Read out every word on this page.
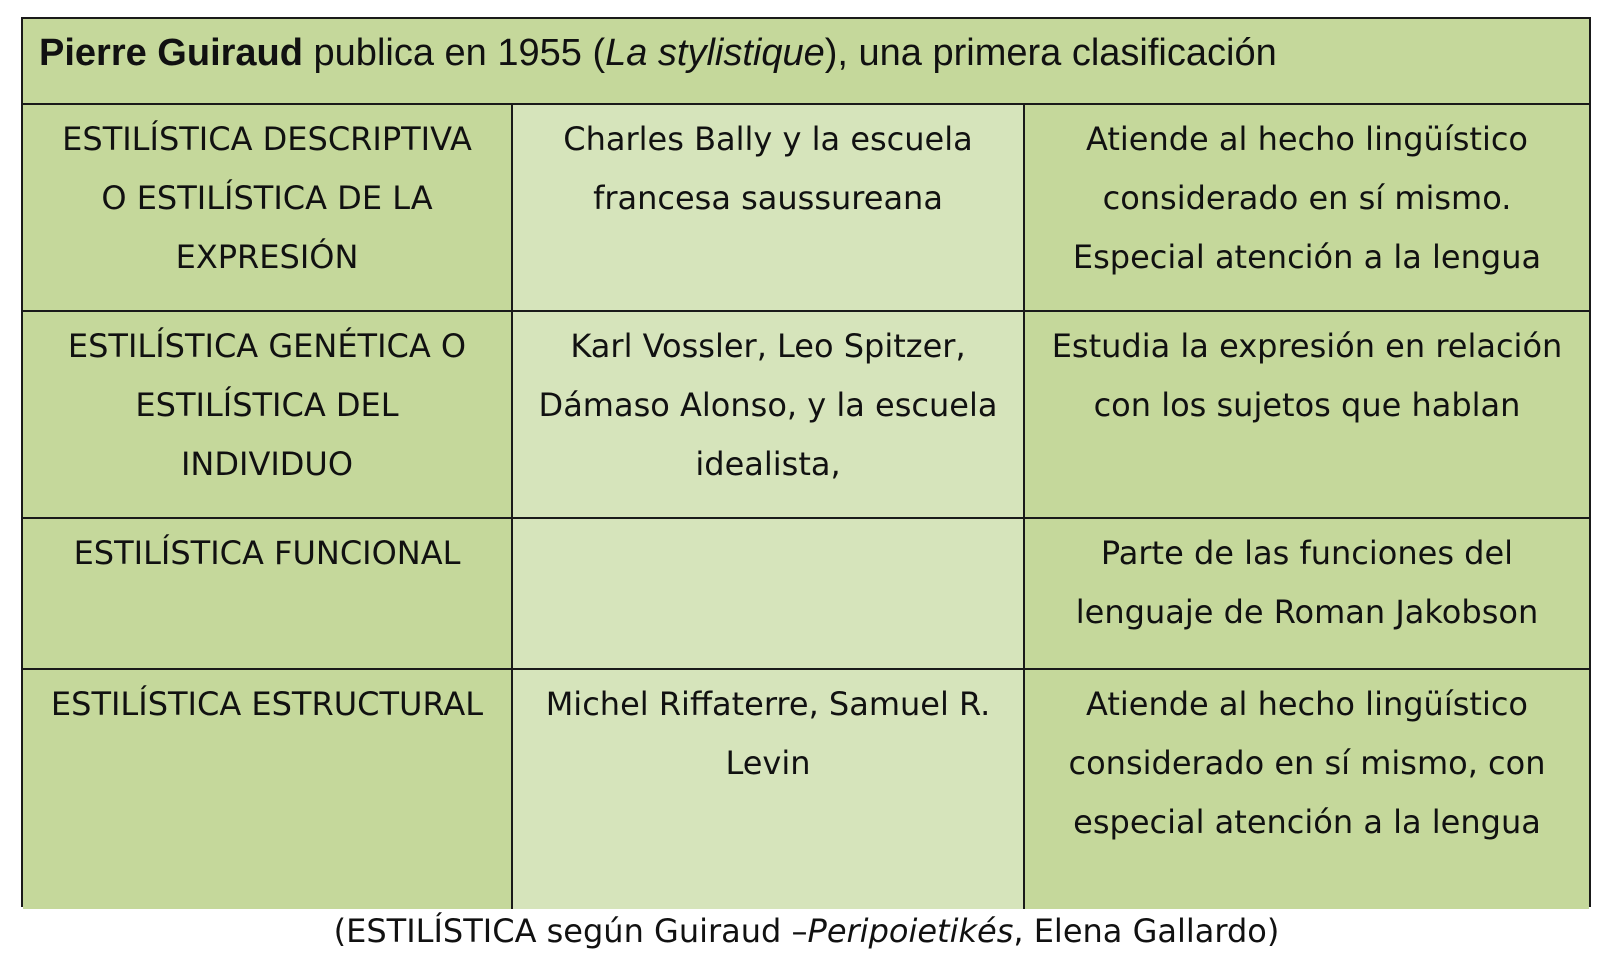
Pierre Guiraud publica en 1955 (La stylistique), una primera clasificación
ESTILÍSTICA DESCRIPTIVA
O ESTILÍSTICA DE LA
EXPRESIÓN
Charles Bally y la escuela
francesa saussureana
Atiende al hecho lingüístico
considerado en sí mismo.
Especial atención a la lengua
ESTILÍSTICA GENÉTICA O
ESTILÍSTICA DEL
INDIVIDUO
Karl Vossler, Leo Spitzer,
Dámaso Alonso, y la escuela
idealista,
Estudia la expresión en relación
con los sujetos que hablan
ESTILÍSTICA FUNCIONAL	Parte de las funciones del
lenguaje de Roman Jakobson
ESTILÍSTICA ESTRUCTURAL	Michel Riffaterre, Samuel R.
Levin
Atiende al hecho lingüístico
considerado en sí mismo, con
especial atención a la lengua
(ESTILÍSTICA según Guiraud –Peripoietikés, Elena Gallardo)
